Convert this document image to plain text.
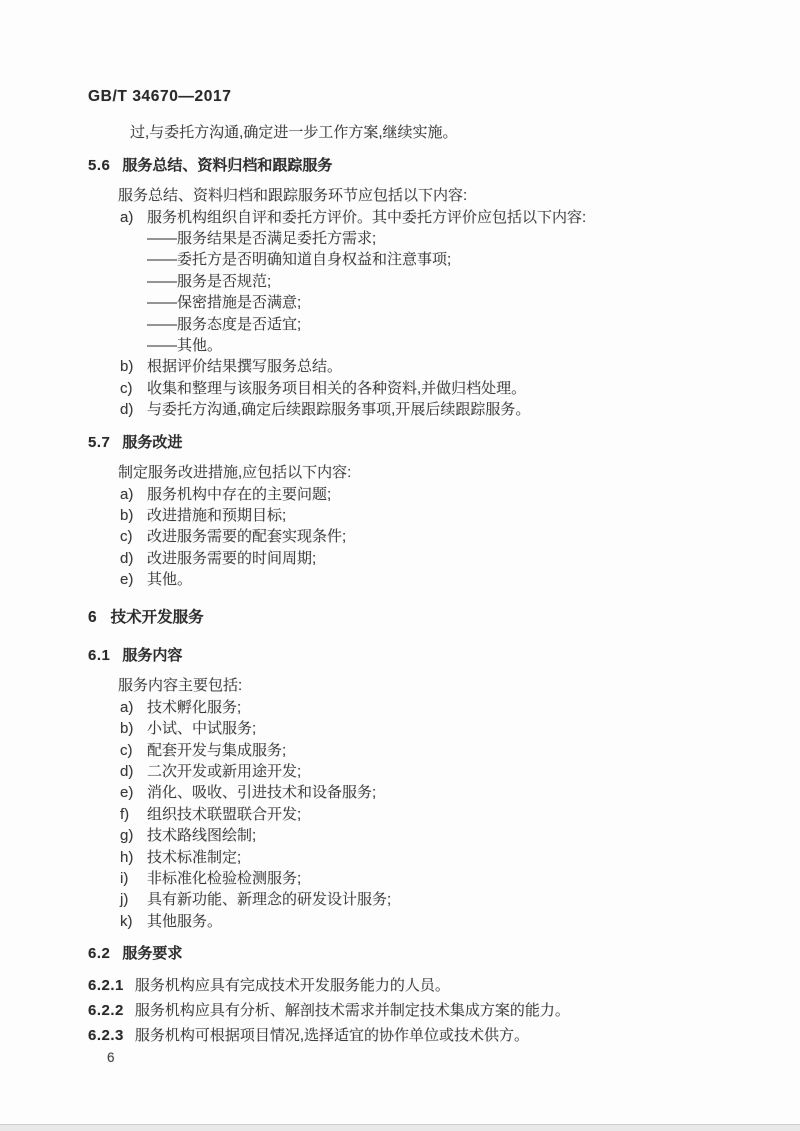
GB/T 34670—2017

过,与委托方沟通,确定进一步工作方案,继续实施。

5.6 服务总结、资料归档和跟踪服务

服务总结、资料归档和跟踪服务环节应包括以下内容:

a) 服务机构组织自评和委托方评价。其中委托方评价应包括以下内容:
——服务结果是否满足委托方需求;
——委托方是否明确知道自身权益和注意事项;
——服务是否规范;
——保密措施是否满意;
——服务态度是否适宜;
——其他。
b) 根据评价结果撰写服务总结。
c) 收集和整理与该服务项目相关的各种资料,并做归档处理。
d) 与委托方沟通,确定后续跟踪服务事项,开展后续跟踪服务。
5.7 服务改进

制定服务改进措施,应包括以下内容:

a) 服务机构中存在的主要问题;
b) 改进措施和预期目标;
c) 改进服务需要的配套实现条件;
d) 改进服务需要的时间周期;
e) 其他。
6 技术开发服务
6.1 服务内容

服务内容主要包括:

a) 技术孵化服务;
b) 小试、中试服务;
c) 配套开发与集成服务;
d) 二次开发或新用途开发;
e) 消化、吸收、引进技术和设备服务;
f) 组织技术联盟联合开发;
g) 技术路线图绘制;
h) 技术标准制定;
i) 非标准化检验检测服务;
j) 具有新功能、新理念的研发设计服务;
k) 其他服务。
6.2 服务要求
6.2.1 服务机构应具有完成技术开发服务能力的人员。
6.2.2 服务机构应具有分析、解剖技术需求并制定技术集成方案的能力。
6.2.3 服务机构可根据项目情况,选择适宜的协作单位或技术供方。

6
